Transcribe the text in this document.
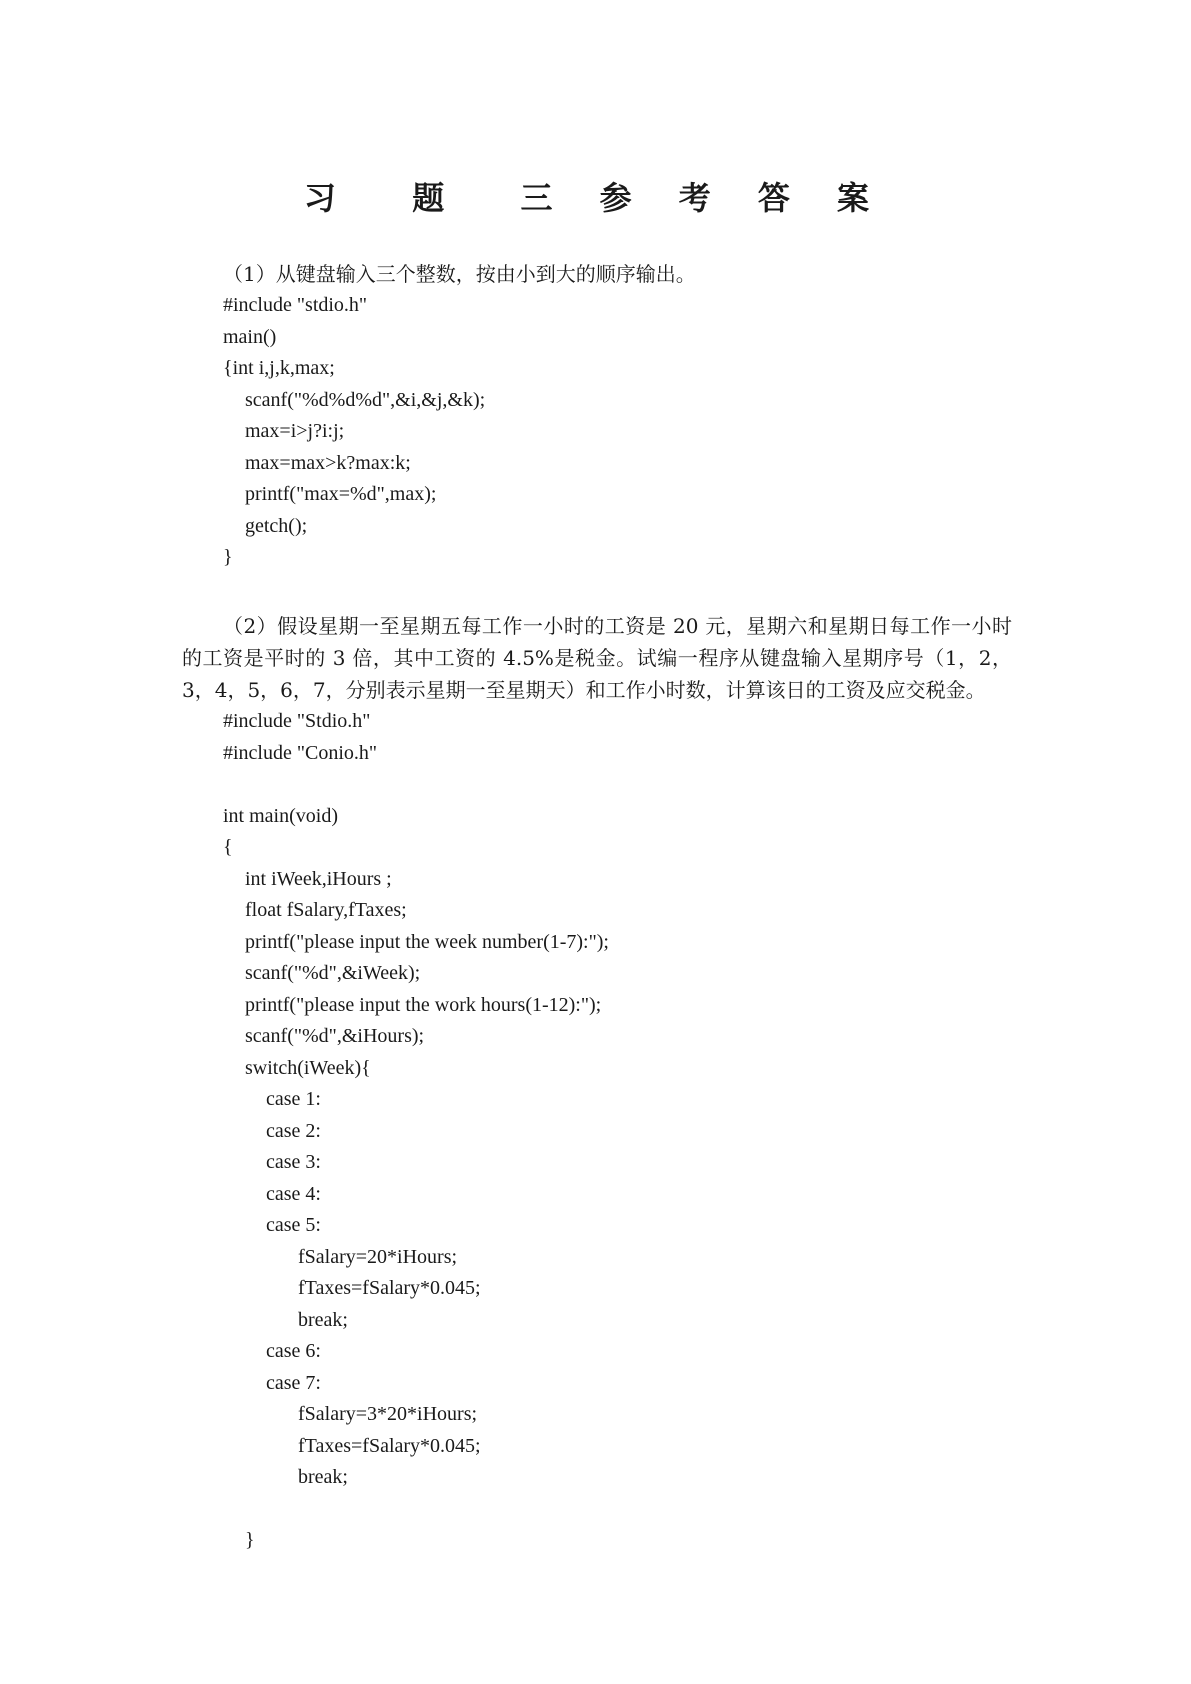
习  题  三 参 考 答 案

（1）从键盘输入三个整数，按由小到大的顺序输出。

#include "stdio.h"
main()
{int i,j,k,max;
scanf("%d%d%d",&i,&j,&k);
max=i>j?i:j;
max=max>k?max:k;
printf("max=%d",max);
getch();
}

（2）假设星期一至星期五每工作一小时的工资是 20 元，星期六和星期日每工作一小时的工资是平时的 3 倍，其中工资的 4.5%是税金。试编一程序从键盘输入星期序号（1，2，3，4，5，6，7，分别表示星期一至星期天）和工作小时数，计算该日的工资及应交税金。

#include "Stdio.h"
#include "Conio.h"
int main(void)
{
int iWeek,iHours ;
float fSalary,fTaxes;
printf("please input the week number(1-7):");
scanf("%d",&iWeek);
printf("please input the work hours(1-12):");
scanf("%d",&iHours);
switch(iWeek){
case 1:
case 2:
case 3:
case 4:
case 5:
fSalary=20*iHours;
fTaxes=fSalary*0.045;
break;
case 6:
case 7:
fSalary=3*20*iHours;
fTaxes=fSalary*0.045;
break;
}
